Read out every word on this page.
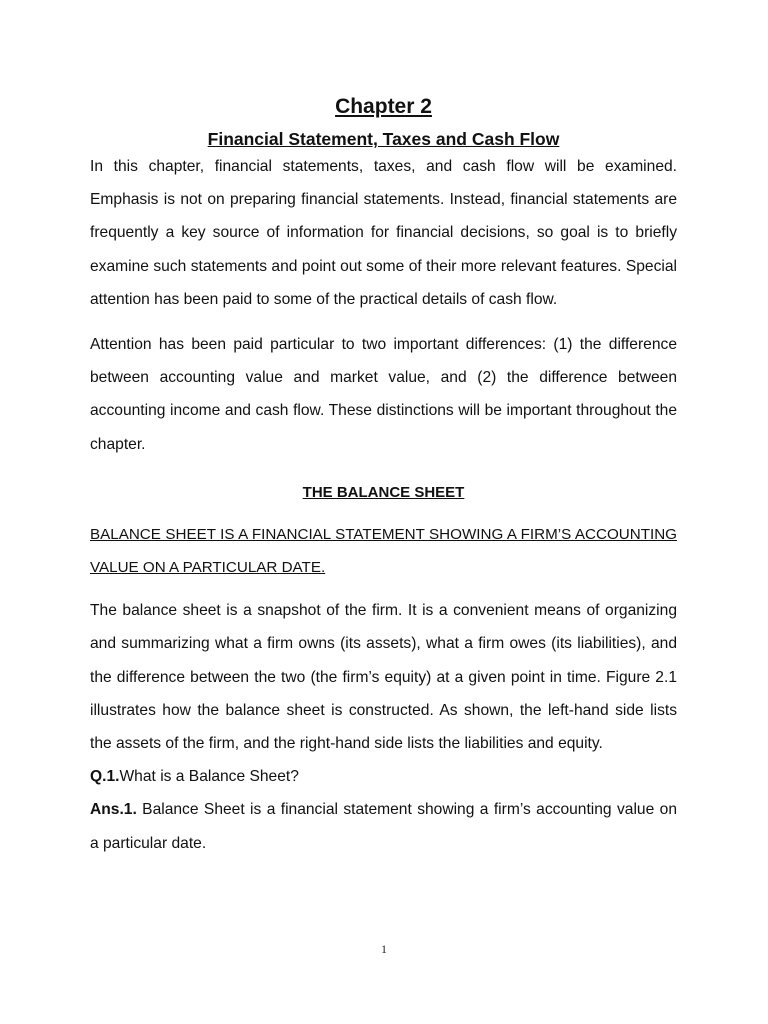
Chapter 2
Financial Statement, Taxes and Cash Flow

In this chapter, financial statements, taxes, and cash flow will be examined. Emphasis is not on preparing financial statements. Instead, financial statements are frequently a key source of information for financial decisions, so goal is to briefly examine such statements and point out some of their more relevant features. Special attention has been paid to some of the practical details of cash flow.

Attention has been paid particular to two important differences: (1) the difference between accounting value and market value, and (2) the difference between accounting income and cash flow. These distinctions will be important throughout the chapter.

THE BALANCE SHEET

BALANCE SHEET IS A FINANCIAL STATEMENT SHOWING A FIRM’S ACCOUNTING VALUE ON A PARTICULAR DATE.

The balance sheet is a snapshot of the firm. It is a convenient means of organizing and summarizing what a firm owns (its assets), what a firm owes (its liabilities), and the difference between the two (the firm’s equity) at a given point in time. Figure 2.1 illustrates how the balance sheet is constructed. As shown, the left-hand side lists the assets of the firm, and the right-hand side lists the liabilities and equity.

Q.1.What is a Balance Sheet?

Ans.1. Balance Sheet is a financial statement showing a firm’s accounting value on a particular date.

1
